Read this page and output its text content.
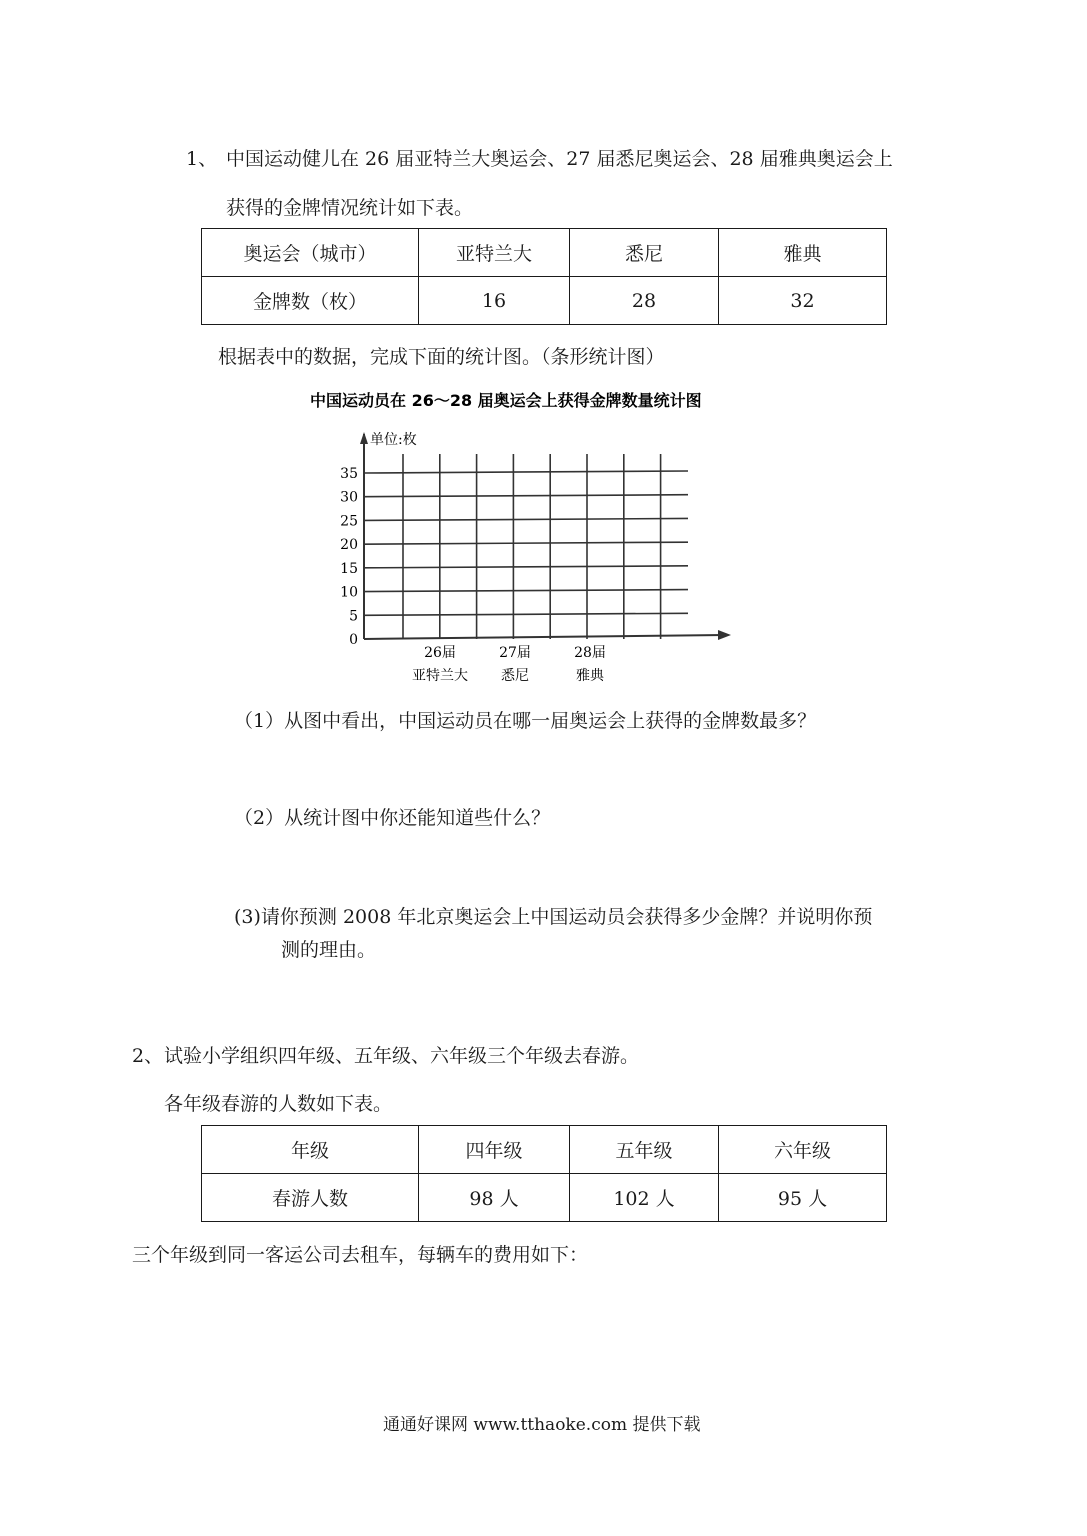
1、 中国运动健儿在 26 届亚特兰大奥运会、27 届悉尼奥运会、28 届雅典奥运会上
获得的金牌情况统计如下表。
奥运会（城市）	亚特兰大	悉尼	雅典
金牌数（枚）	16	28	32
根据表中的数据，完成下面的统计图。（条形统计图）
中国运动员在 26～28 届奥运会上获得金牌数量统计图
单位:枚
0
5
10
15
20
25
30
35
26届
亚特兰大
27届
悉尼
28届
雅典
（1）从图中看出，中国运动员在哪一届奥运会上获得的金牌数最多？
（2）从统计图中你还能知道些什么？
(3)请你预测 2008 年北京奥运会上中国运动员会获得多少金牌？并说明你预
测的理由。
2、 试验小学组织四年级、五年级、六年级三个年级去春游。
各年级春游的人数如下表。
年级	四年级	五年级	六年级
春游人数	98 人	102 人	95 人
三个年级到同一客运公司去租车，每辆车的费用如下：
通通好课网 www.tthaoke.com 提供下载
